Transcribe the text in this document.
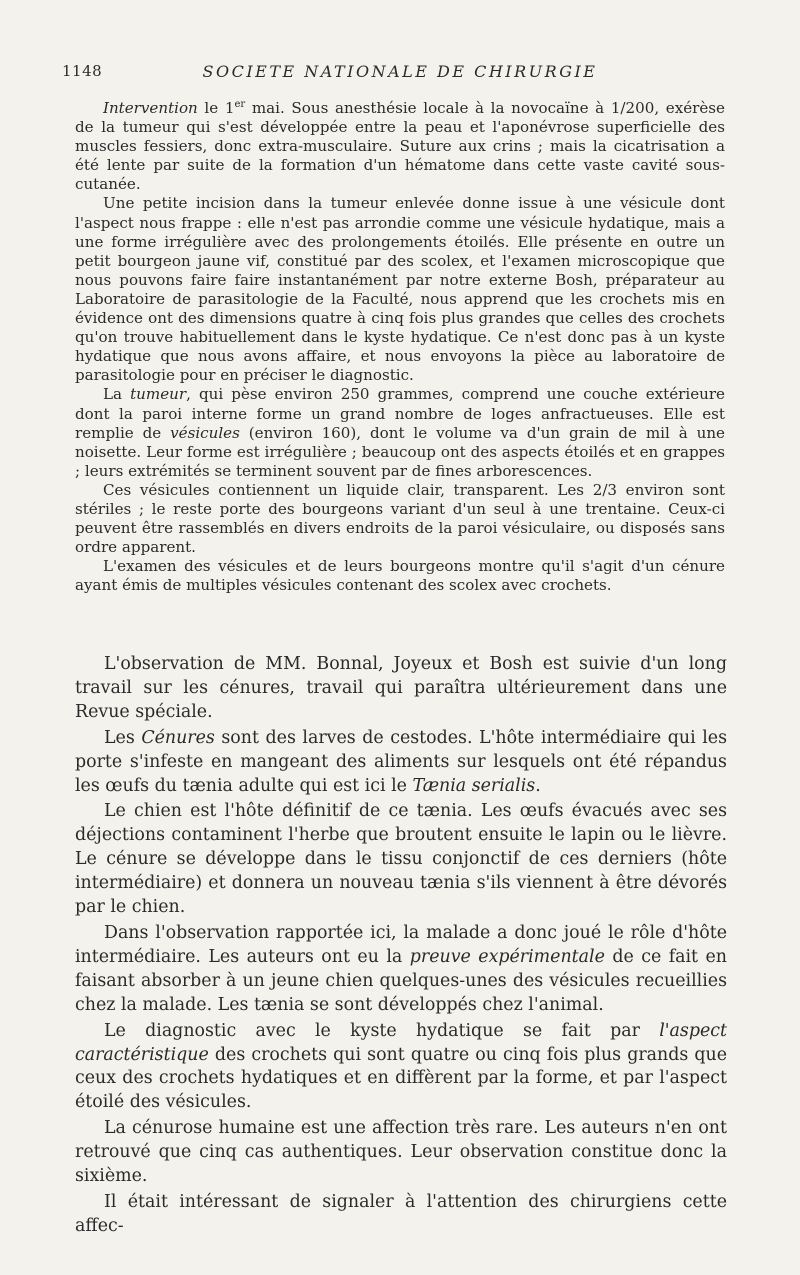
1148	SOCIETE NATIONALE DE CHIRURGIE

Intervention le 1er mai. Sous anesthésie locale à la novocaïne à 1/200, exérèse de la tumeur qui s'est développée entre la peau et l'aponévrose superficielle des muscles fessiers, donc extra-musculaire. Suture aux crins ; mais la cicatrisation a été lente par suite de la formation d'un hématome dans cette vaste cavité sous-cutanée.

Une petite incision dans la tumeur enlevée donne issue à une vésicule dont l'aspect nous frappe : elle n'est pas arrondie comme une vésicule hydatique, mais a une forme irrégulière avec des prolongements étoilés. Elle présente en outre un petit bourgeon jaune vif, constitué par des scolex, et l'examen microscopique que nous pouvons faire faire instantanément par notre externe Bosh, préparateur au Laboratoire de parasitologie de la Faculté, nous apprend que les crochets mis en évidence ont des dimensions quatre à cinq fois plus grandes que celles des crochets qu'on trouve habituellement dans le kyste hydatique. Ce n'est donc pas à un kyste hydatique que nous avons affaire, et nous envoyons la pièce au laboratoire de parasitologie pour en préciser le diagnostic.

La tumeur, qui pèse environ 250 grammes, comprend une couche extérieure dont la paroi interne forme un grand nombre de loges anfractueuses. Elle est remplie de vésicules (environ 160), dont le volume va d'un grain de mil à une noisette. Leur forme est irrégulière ; beaucoup ont des aspects étoilés et en grappes ; leurs extrémités se terminent souvent par de fines arborescences.

Ces vésicules contiennent un liquide clair, transparent. Les 2/3 environ sont stériles ; le reste porte des bourgeons variant d'un seul à une trentaine. Ceux-ci peuvent être rassemblés en divers endroits de la paroi vésiculaire, ou disposés sans ordre apparent.

L'examen des vésicules et de leurs bourgeons montre qu'il s'agit d'un cénure ayant émis de multiples vésicules contenant des scolex avec crochets.

L'observation de MM. Bonnal, Joyeux et Bosh est suivie d'un long travail sur les cénures, travail qui paraîtra ultérieurement dans une Revue spéciale.

Les Cénures sont des larves de cestodes. L'hôte intermédiaire qui les porte s'infeste en mangeant des aliments sur lesquels ont été répandus les œufs du tænia adulte qui est ici le Tænia serialis.

Le chien est l'hôte définitif de ce tænia. Les œufs évacués avec ses déjections contaminent l'herbe que broutent ensuite le lapin ou le lièvre. Le cénure se développe dans le tissu conjonctif de ces derniers (hôte intermédiaire) et donnera un nouveau tænia s'ils viennent à être dévorés par le chien.

Dans l'observation rapportée ici, la malade a donc joué le rôle d'hôte intermédiaire. Les auteurs ont eu la preuve expérimentale de ce fait en faisant absorber à un jeune chien quelques-unes des vésicules recueillies chez la malade. Les tænia se sont développés chez l'animal.

Le diagnostic avec le kyste hydatique se fait par l'aspect caractéristique des crochets qui sont quatre ou cinq fois plus grands que ceux des crochets hydatiques et en diffèrent par la forme, et par l'aspect étoilé des vésicules.

La cénurose humaine est une affection très rare. Les auteurs n'en ont retrouvé que cinq cas authentiques. Leur observation constitue donc la sixième.

Il était intéressant de signaler à l'attention des chirurgiens cette affec-
